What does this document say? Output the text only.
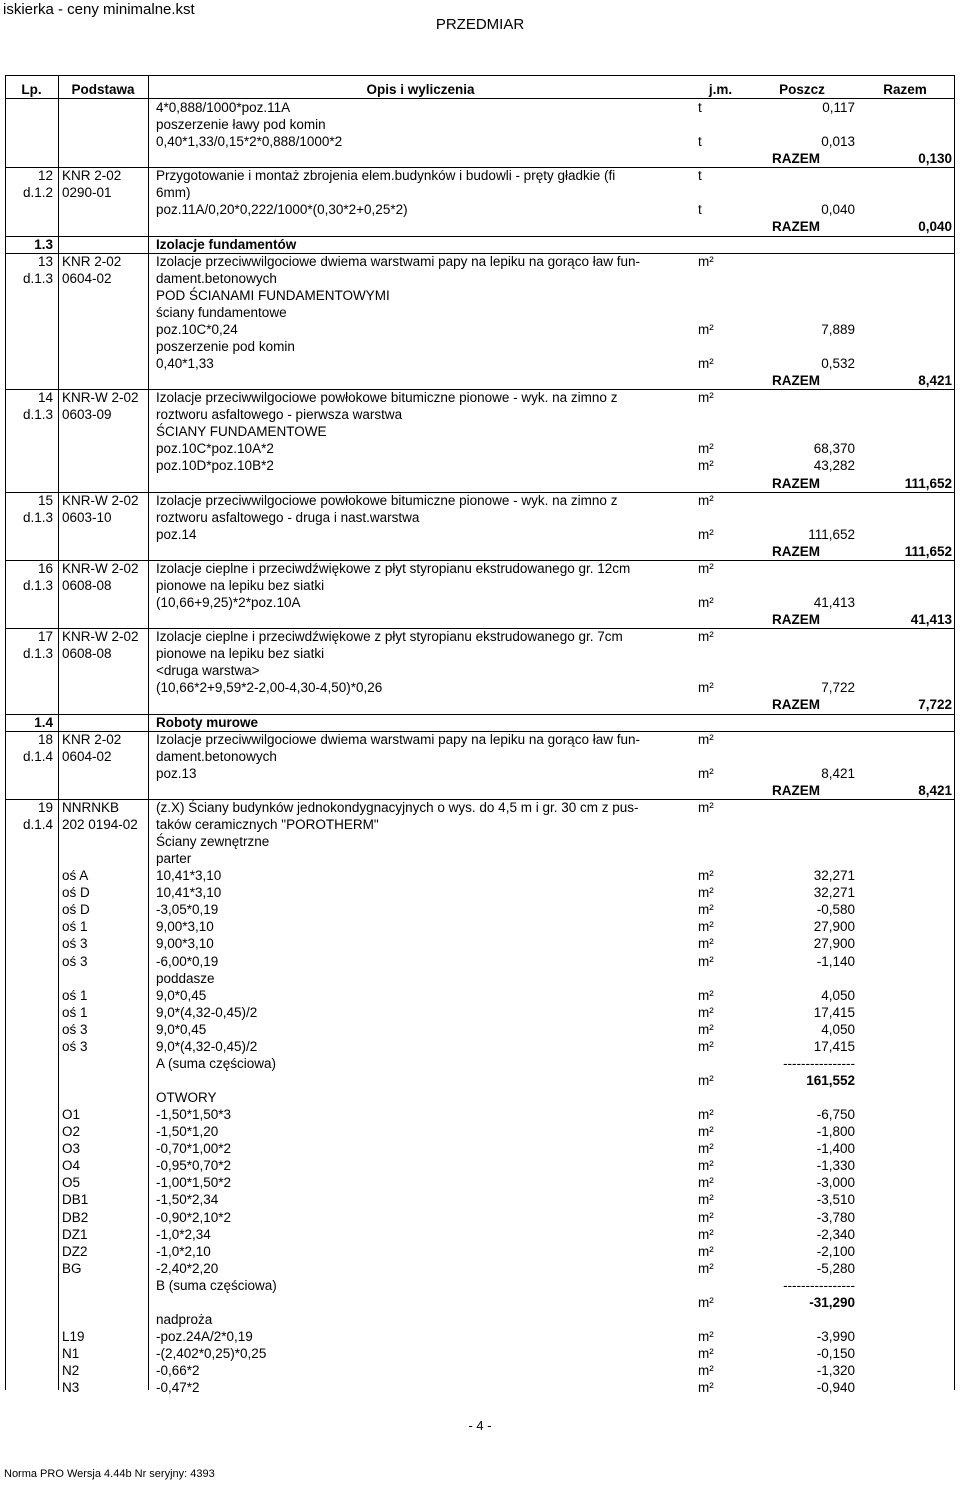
iskierka - ceny minimalne.kst
PRZEDMIAR
Lp.	Podstawa	Opis i wyliczenia	j.m.	Poszcz	Razem
4*0,888/1000*poz.11A	t	0,117
poszerzenie ławy pod komin
0,40*1,33/0,15*2*0,888/1000*2	t	0,013
RAZEM	0,130
12 KNR 2-02	Przygotowanie i montaż zbrojenia elem.budynków i budowli - pręty gładkie (fi	t
d.1.2 0290-01	6mm)
poz.11A/0,20*0,222/1000*(0,30*2+0,25*2)	t	0,040
RAZEM	0,040
1.3	Izolacje fundamentów
13 KNR 2-02	Izolacje przeciwwilgociowe dwiema warstwami papy na lepiku na gorąco ław fun-	m²
d.1.3 0604-02	dament.betonowych
POD ŚCIANAMI FUNDAMENTOWYMI
ściany fundamentowe
poz.10C*0,24	m²	7,889
poszerzenie pod komin
0,40*1,33	m²	0,532
RAZEM	8,421
14 KNR-W 2-02	Izolacje przeciwwilgociowe powłokowe bitumiczne pionowe - wyk. na zimno z	m²
d.1.3 0603-09	roztworu asfaltowego - pierwsza warstwa
ŚCIANY FUNDAMENTOWE
poz.10C*poz.10A*2	m²	68,370
poz.10D*poz.10B*2	m²	43,282
RAZEM	111,652
15 KNR-W 2-02	Izolacje przeciwwilgociowe powłokowe bitumiczne pionowe - wyk. na zimno z	m²
d.1.3 0603-10	roztworu asfaltowego - druga i nast.warstwa
poz.14	m²	111,652
RAZEM	111,652
16 KNR-W 2-02	Izolacje cieplne i przeciwdźwiękowe z płyt styropianu ekstrudowanego gr. 12cm	m²
d.1.3 0608-08	pionowe na lepiku bez siatki
(10,66+9,25)*2*poz.10A	m²	41,413
RAZEM	41,413
17 KNR-W 2-02	Izolacje cieplne i przeciwdźwiękowe z płyt styropianu ekstrudowanego gr. 7cm	m²
d.1.3 0608-08	pionowe na lepiku bez siatki
<druga warstwa>
(10,66*2+9,59*2-2,00-4,30-4,50)*0,26	m²	7,722
RAZEM	7,722
1.4	Roboty murowe
18 KNR 2-02	Izolacje przeciwwilgociowe dwiema warstwami papy na lepiku na gorąco ław fun-	m²
d.1.4 0604-02	dament.betonowych
poz.13	m²	8,421
RAZEM	8,421
19 NNRNKB	(z.X) Ściany budynków jednokondygnacyjnych o wys. do 4,5 m i gr. 30 cm z pus-	m²
d.1.4 202 0194-02	taków ceramicznych "POROTHERM"
Ściany zewnętrzne
parter
oś A	10,41*3,10	m²	32,271
oś D	10,41*3,10	m²	32,271
oś D	-3,05*0,19	m²	-0,580
oś 1	9,00*3,10	m²	27,900
oś 3	9,00*3,10	m²	27,900
oś 3	-6,00*0,19	m²	-1,140
poddasze
oś 1	9,0*0,45	m²	4,050
oś 1	9,0*(4,32-0,45)/2	m²	17,415
oś 3	9,0*0,45	m²	4,050
oś 3	9,0*(4,32-0,45)/2	m²	17,415
A (suma częściowa)	----------------
m²	161,552
OTWORY
O1	-1,50*1,50*3	m²	-6,750
O2	-1,50*1,20	m²	-1,800
O3	-0,70*1,00*2	m²	-1,400
O4	-0,95*0,70*2	m²	-1,330
O5	-1,00*1,50*2	m²	-3,000
DB1	-1,50*2,34	m²	-3,510
DB2	-0,90*2,10*2	m²	-3,780
DZ1	-1,0*2,34	m²	-2,340
DZ2	-1,0*2,10	m²	-2,100
BG	-2,40*2,20	m²	-5,280
B (suma częściowa)	----------------
m²	-31,290
nadproża
L19	-poz.24A/2*0,19	m²	-3,990
N1	-(2,402*0,25)*0,25	m²	-0,150
N2	-0,66*2	m²	-1,320
N3	-0,47*2	m²	-0,940
- 4 -
Norma PRO Wersja 4.44b Nr seryjny: 4393
